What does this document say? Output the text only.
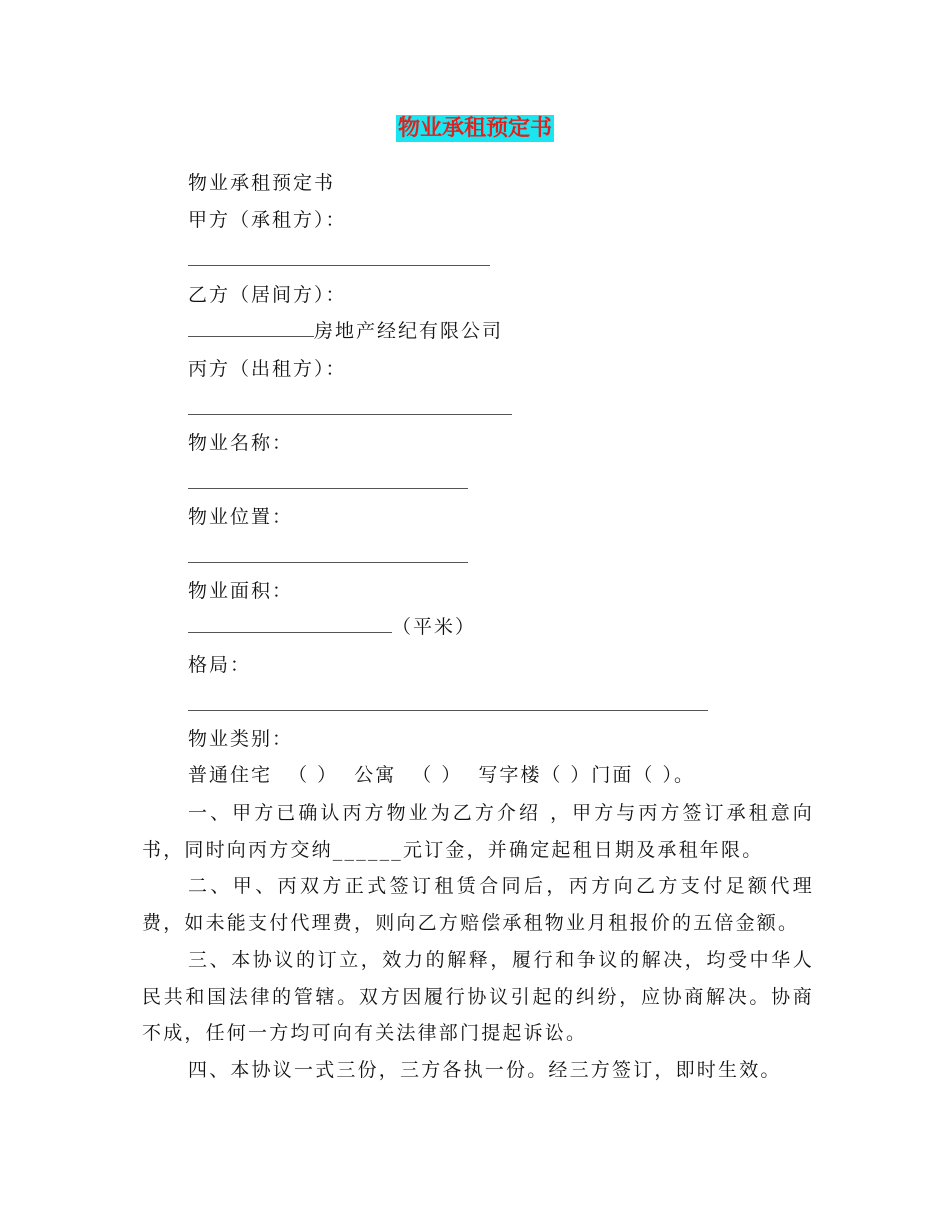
物业承租预定书
物业承租预定书
甲方（承租方）：
乙方（居间方）：
房地产经纪有限公司
丙方（出租方）：
物业名称：
物业位置：
物业面积：
（平米）
格局：
物业类别：
普通住宅  （ ）  公寓  （ ）  写字楼（ ）门面（ ）。
一、甲方已确认丙方物业为乙方介绍 ，甲方与丙方签订承租意向书，同时向丙方交纳______元订金，并确定起租日期及承租年限。
二、甲、丙双方正式签订租赁合同后，丙方向乙方支付足额代理费，如未能支付代理费，则向乙方赔偿承租物业月租报价的五倍金额。
三、本协议的订立，效力的解释，履行和争议的解决，均受中华人民共和国法律的管辖。双方因履行协议引起的纠纷，应协商解决。协商不成，任何一方均可向有关法律部门提起诉讼。
四、本协议一式三份，三方各执一份。经三方签订，即时生效。
